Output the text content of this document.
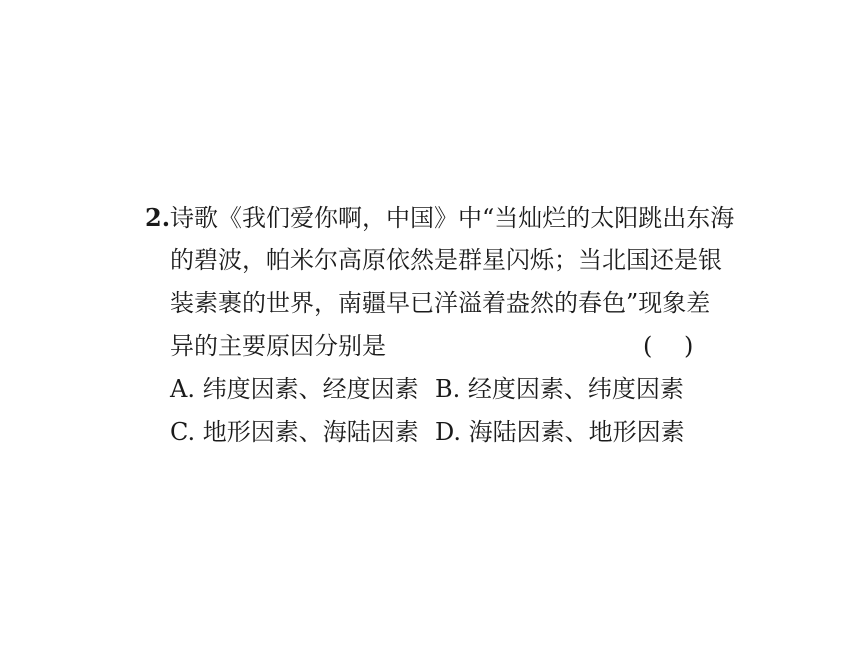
2.诗歌《我们爱你啊，中国》中“当灿烂的太阳跳出东海
的碧波，帕米尔高原依然是群星闪烁；当北国还是银
装素裹的世界，南疆早已洋溢着盎然的春色”现象差
异的主要原因分别是	(　 )
A. 纬度因素、经度因素 B. 经度因素、纬度因素
C. 地形因素、海陆因素 D. 海陆因素、地形因素
